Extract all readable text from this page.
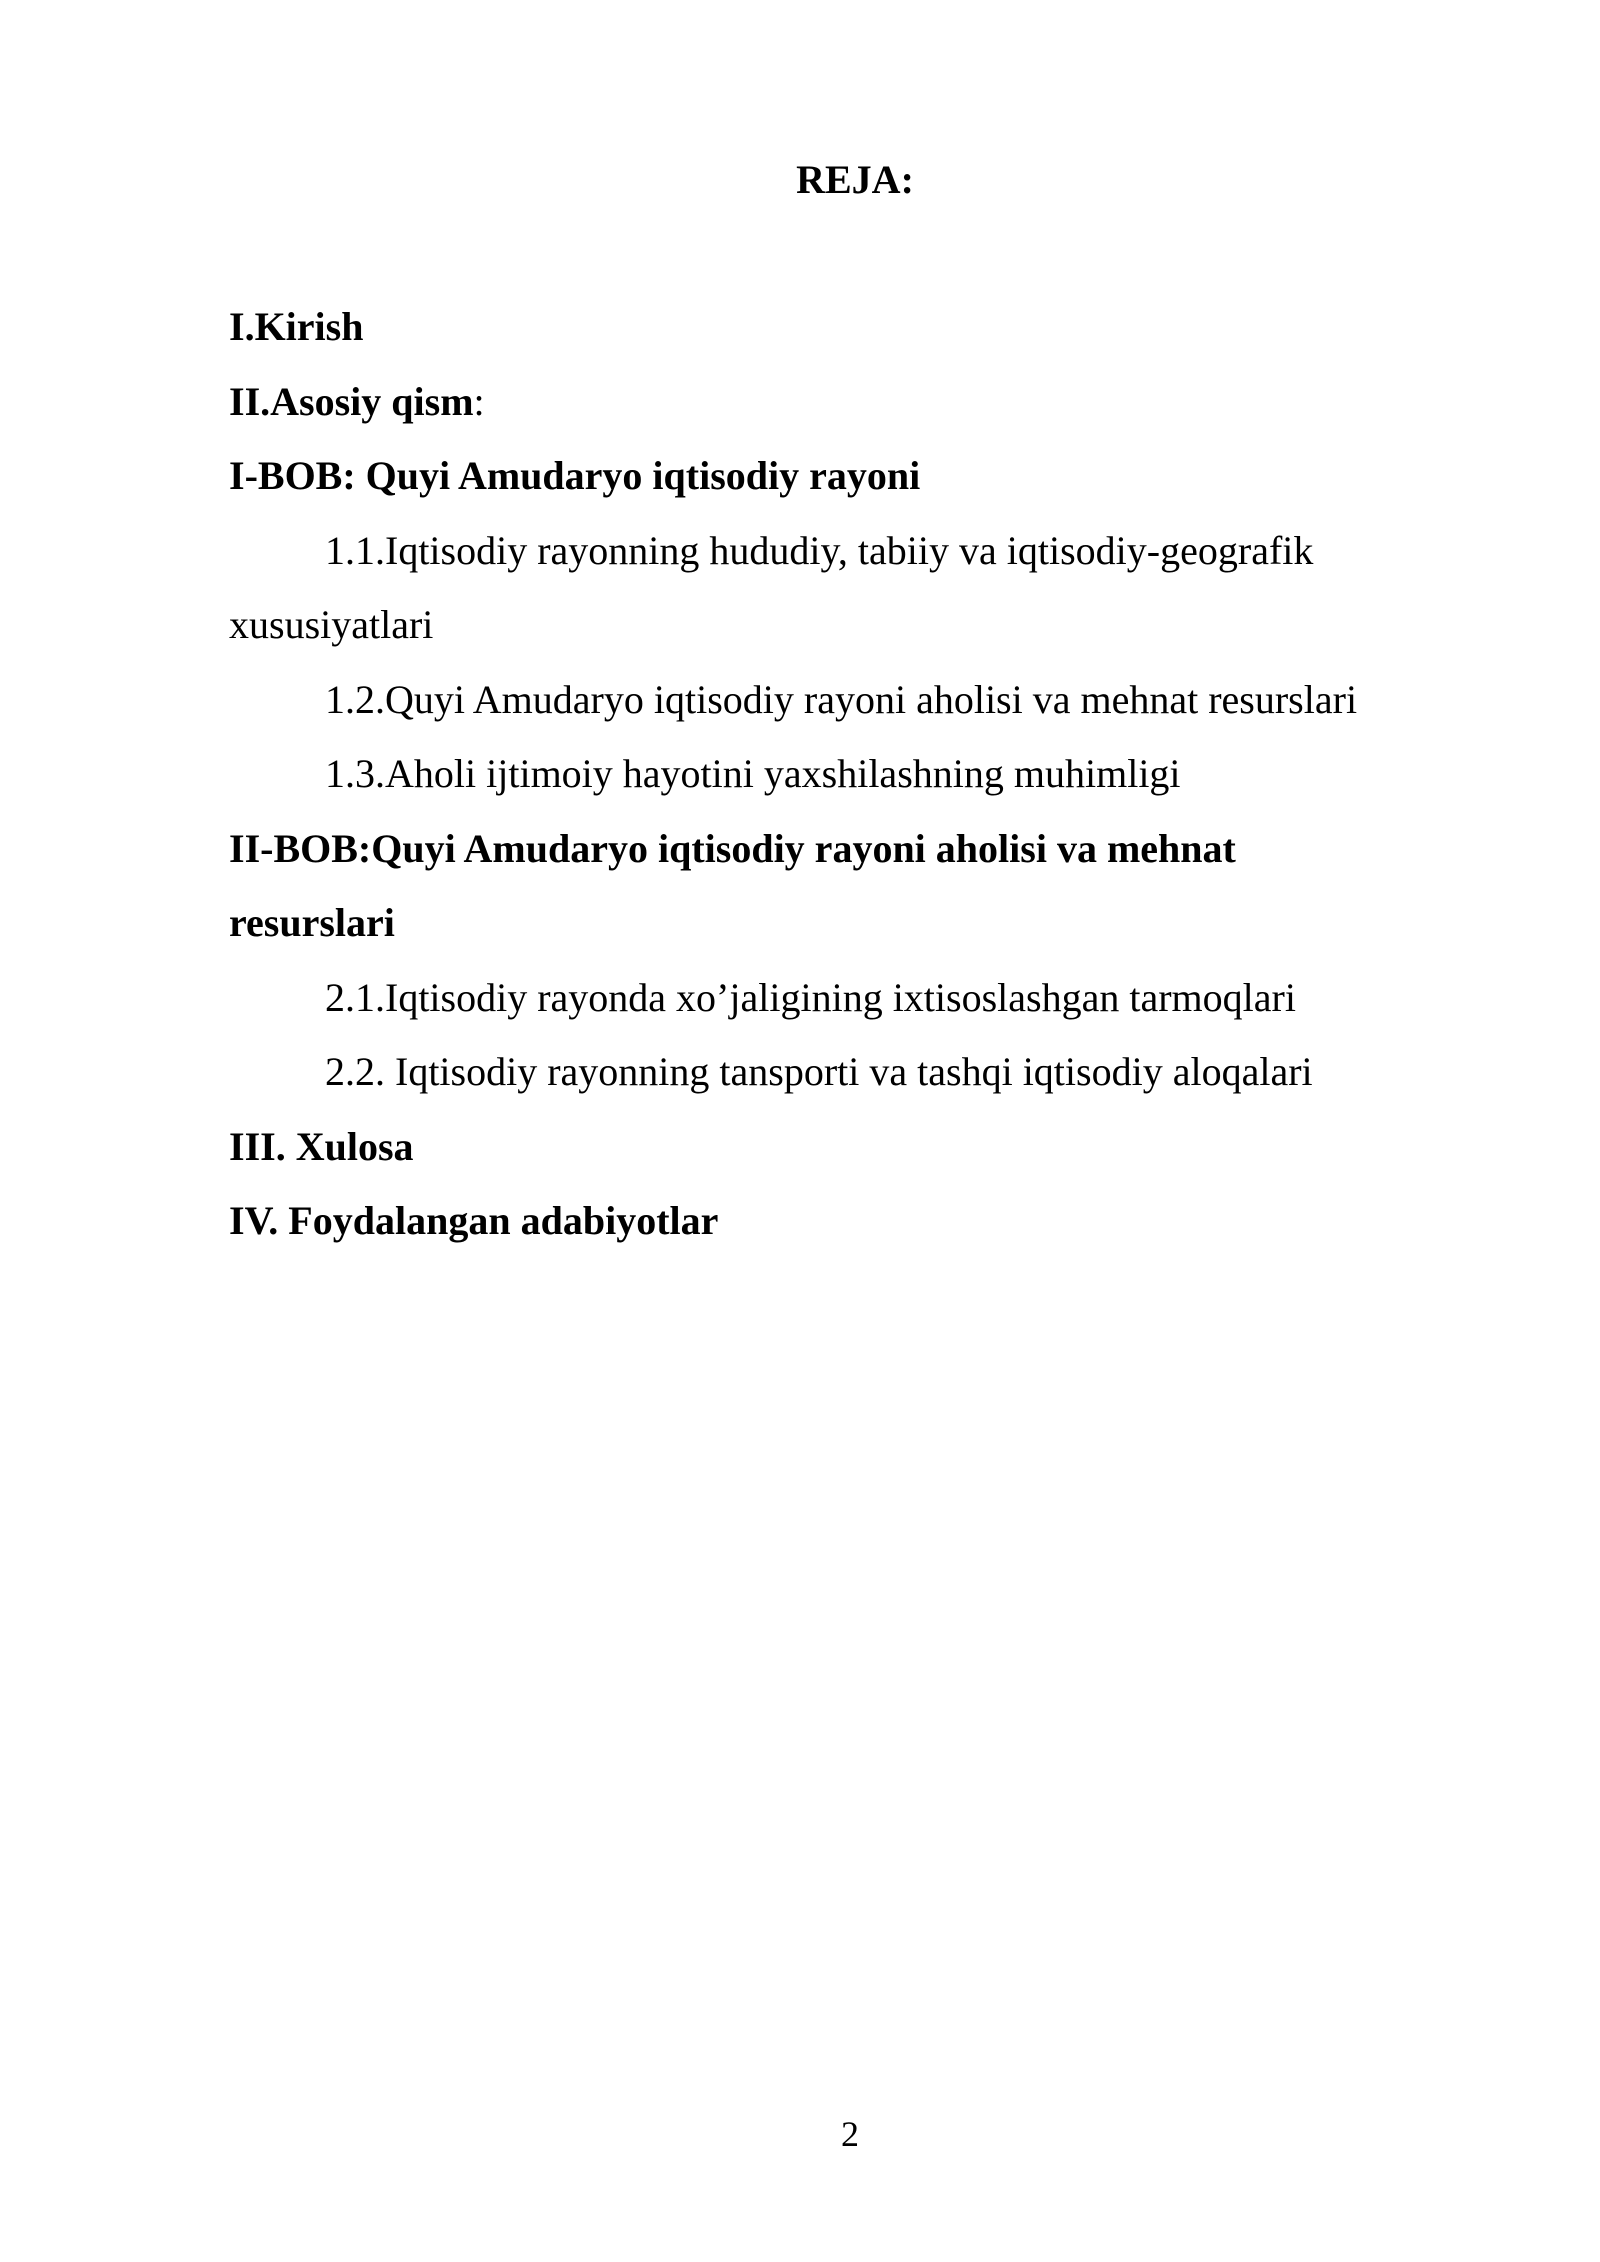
REJA:
I.Kirish
II.Asosiy qism:
I-BOB: Quyi Amudaryo iqtisodiy rayoni
1.1.Iqtisodiy rayonning hududiy, tabiiy va iqtisodiy-geografik
xususiyatlari
1.2.Quyi Amudaryo iqtisodiy rayoni aholisi va mehnat resurslari
1.3.Aholi ijtimoiy hayotini yaxshilashning muhimligi
II-BOB:Quyi Amudaryo iqtisodiy rayoni aholisi va mehnat
resurslari
2.1.Iqtisodiy rayonda xo’jaligining ixtisoslashgan tarmoqlari
2.2. Iqtisodiy rayonning tansporti va tashqi iqtisodiy aloqalari
III. Xulosa
IV. Foydalangan adabiyotlar
2
